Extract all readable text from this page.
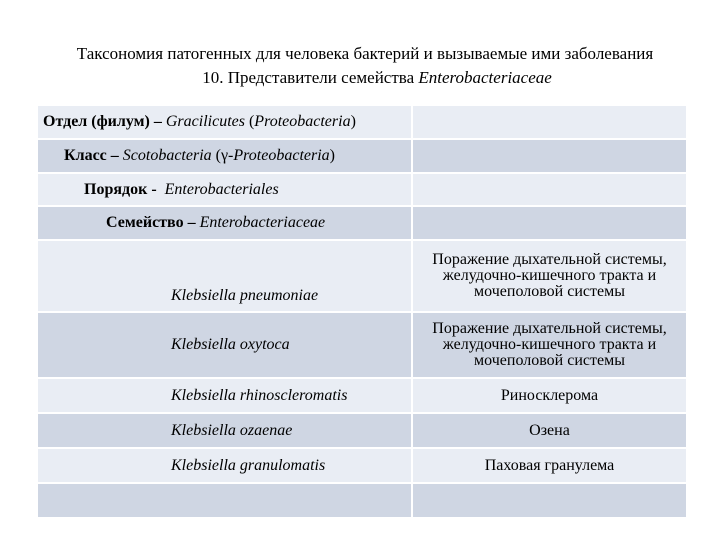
Таксономия патогенных для человека бактерий и вызываемые ими заболевания
10. Представители семейства Enterobacteriaceae
Отдел (филум) – Gracilicutes (Proteobacteria)	
Класс – Scotobacteria (γ-Proteobacteria)	
Порядок - Enterobacteriales	
Семейство – Enterobacteriaceae	
Klebsiella pneumoniae	Поражение дыхательной системы, желудочно-кишечного тракта и мочеполовой системы
Klebsiella oxytoca	Поражение дыхательной системы, желудочно-кишечного тракта и мочеполовой системы
Klebsiella rhinoscleromatis	Риносклерома
Klebsiella ozaenae	Озена
Klebsiella granulomatis	Паховая гранулема
